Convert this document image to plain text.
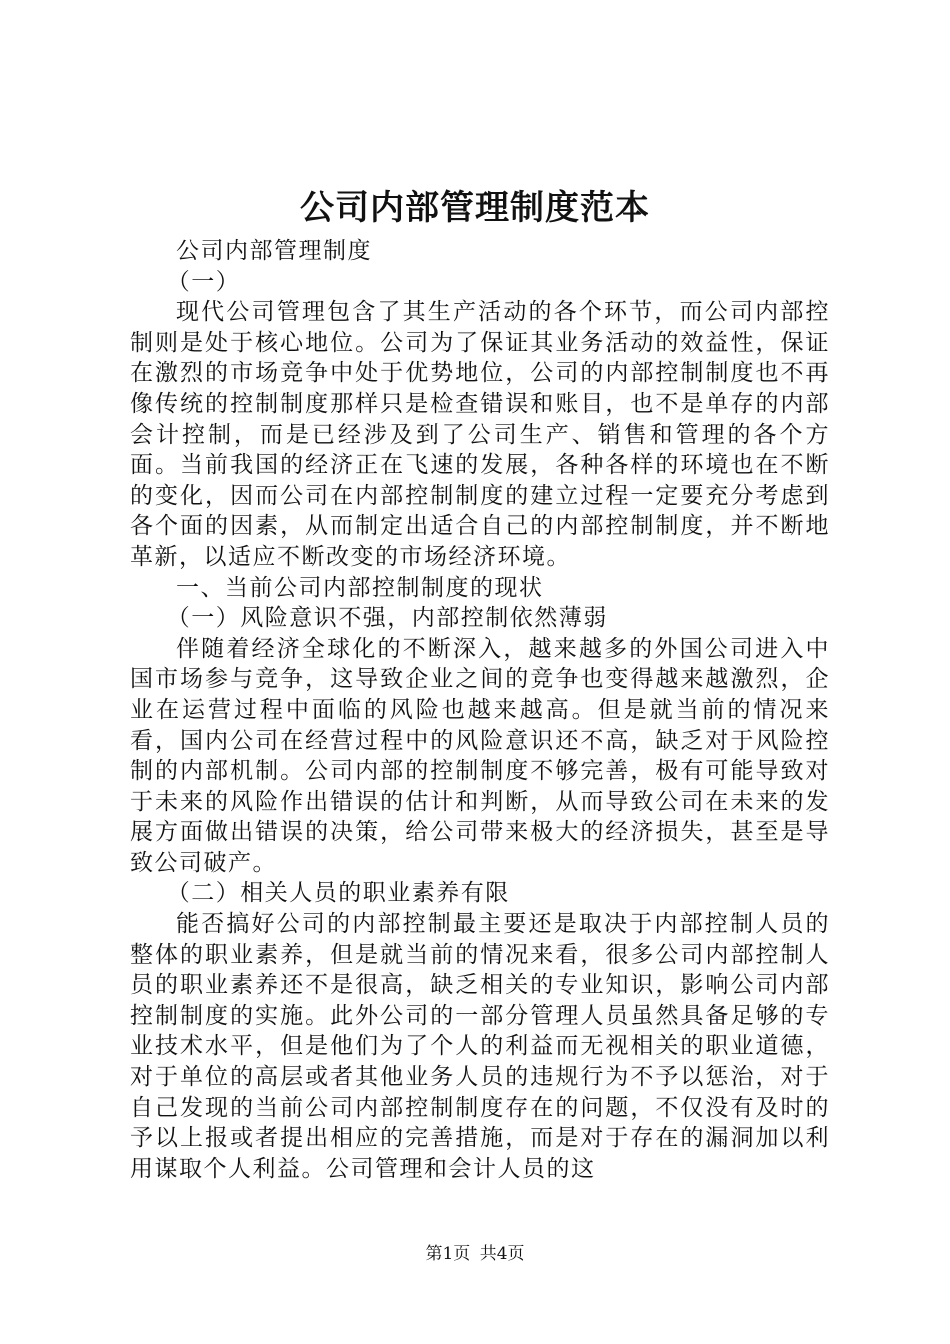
公司内部管理制度范本

公司内部管理制度

（一）

现代公司管理包含了其生产活动的各个环节，而公司内部控制则是处于核心地位。公司为了保证其业务活动的效益性，保证在激烈的市场竞争中处于优势地位，公司的内部控制制度也不再像传统的控制制度那样只是检查错误和账目，也不是单存的内部会计控制，而是已经涉及到了公司生产、销售和管理的各个方面。当前我国的经济正在飞速的发展，各种各样的环境也在不断的变化，因而公司在内部控制制度的建立过程一定要充分考虑到各个面的因素，从而制定出适合自己的内部控制制度，并不断地革新，以适应不断改变的市场经济环境。

一、当前公司内部控制制度的现状

（一）风险意识不强，内部控制依然薄弱

伴随着经济全球化的不断深入，越来越多的外国公司进入中国市场参与竞争，这导致企业之间的竞争也变得越来越激烈，企业在运营过程中面临的风险也越来越高。但是就当前的情况来看，国内公司在经营过程中的风险意识还不高，缺乏对于风险控制的内部机制。公司内部的控制制度不够完善，极有可能导致对于未来的风险作出错误的估计和判断，从而导致公司在未来的发展方面做出错误的决策，给公司带来极大的经济损失，甚至是导致公司破产。

（二）相关人员的职业素养有限

能否搞好公司的内部控制最主要还是取决于内部控制人员的整体的职业素养，但是就当前的情况来看，很多公司内部控制人员的职业素养还不是很高，缺乏相关的专业知识，影响公司内部控制制度的实施。此外公司的一部分管理人员虽然具备足够的专业技术水平，但是他们为了个人的利益而无视相关的职业道德，对于单位的高层或者其他业务人员的违规行为不予以惩治，对于自己发现的当前公司内部控制制度存在的问题，不仅没有及时的予以上报或者提出相应的完善措施，而是对于存在的漏洞加以利用谋取个人利益。公司管理和会计人员的这

第1页 共4页
